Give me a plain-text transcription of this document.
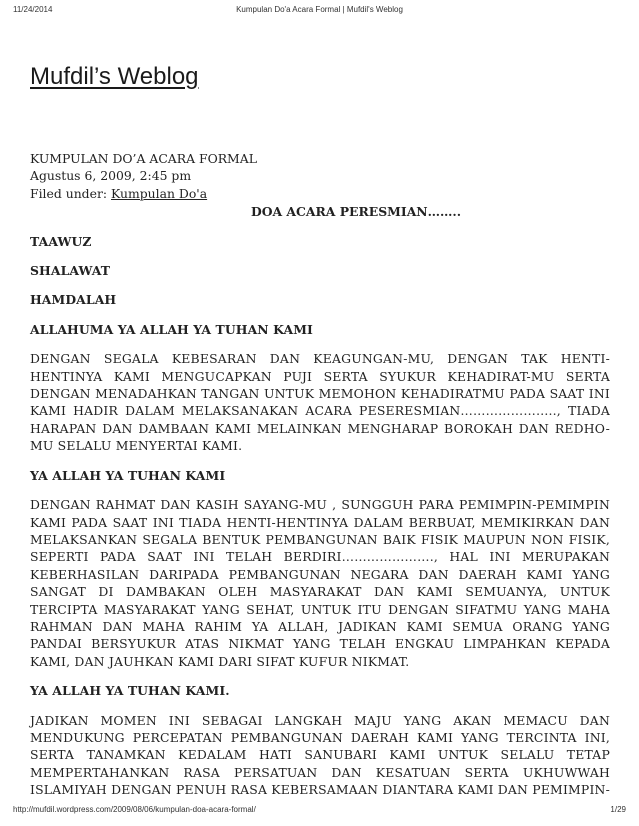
11/24/2014	Kumpulan Do'a Acara Formal | Mufdil's Weblog
Mufdil’s Weblog
KUMPULAN DO’A ACARA FORMAL
Agustus 6, 2009, 2:45 pm
Filed under: Kumpulan Do'a
DOA ACARA PERESMIAN……..
TAAWUZ
SHALAWAT
HAMDALAH
ALLAHUMA YA ALLAH YA TUHAN KAMI
DENGAN SEGALA KEBESARAN DAN KEAGUNGAN-MU, DENGAN TAK HENTI-
HENTINYA KAMI MENGUCAPKAN PUJI SERTA SYUKUR KEHADIRAT-MU SERTA
DENGAN MENADAHKAN TANGAN UNTUK MEMOHON KEHADIRATMU PADA SAAT INI
KAMI HADIR DALAM MELAKSANAKAN ACARA PESERESMIAN………………….., TIADA
HARAPAN DAN DAMBAAN KAMI MELAINKAN MENGHARAP BOROKAH DAN REDHO-
MU SELALU MENYERTAI KAMI.
YA ALLAH YA TUHAN KAMI
DENGAN RAHMAT DAN KASIH SAYANG-MU , SUNGGUH PARA PEMIMPIN-PEMIMPIN
KAMI PADA SAAT INI TIADA HENTI-HENTINYA DALAM BERBUAT, MEMIKIRKAN DAN
MELAKSANKAN SEGALA BENTUK PEMBANGUNAN BAIK FISIK MAUPUN NON FISIK,
SEPERTI PADA SAAT INI TELAH BERDIRI…………………., HAL INI MERUPAKAN
KEBERHASILAN DARIPADA PEMBANGUNAN NEGARA DAN DAERAH KAMI YANG
SANGAT DI DAMBAKAN OLEH MASYARAKAT DAN KAMI SEMUANYA, UNTUK
TERCIPTA MASYARAKAT YANG SEHAT, UNTUK ITU DENGAN SIFATMU YANG MAHA
RAHMAN DAN MAHA RAHIM YA ALLAH, JADIKAN KAMI SEMUA ORANG YANG
PANDAI BERSYUKUR ATAS NIKMAT YANG TELAH ENGKAU LIMPAHKAN KEPADA
KAMI, DAN JAUHKAN KAMI DARI SIFAT KUFUR NIKMAT.
YA ALLAH YA TUHAN KAMI.
JADIKAN MOMEN INI SEBAGAI LANGKAH MAJU YANG AKAN MEMACU DAN
MENDUKUNG PERCEPATAN PEMBANGUNAN DAERAH KAMI YANG TERCINTA INI,
SERTA TANAMKAN KEDALAM HATI SANUBARI KAMI UNTUK SELALU TETAP
MEMPERTAHANKAN RASA PERSATUAN DAN KESATUAN SERTA UKHUWWAH
ISLAMIYAH DENGAN PENUH RASA KEBERSAMAAN DIANTARA KAMI DAN PEMIMPIN-
http://mufdil.wordpress.com/2009/08/06/kumpulan-doa-acara-formal/	1/29
